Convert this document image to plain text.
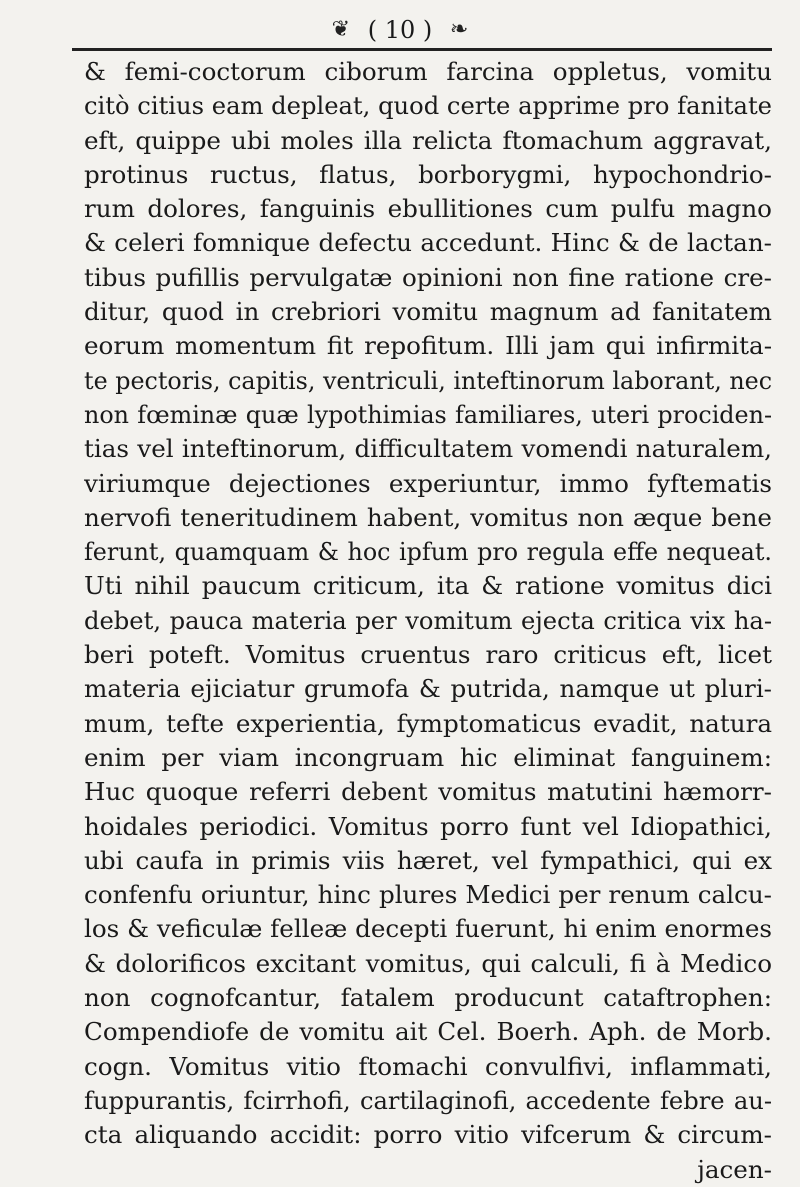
❦ ( 10 ) ❧
& femi-coctorum ciborum farcina oppletus, vomitu
citò citius eam depleat, quod certe apprime pro fanitate
eft, quippe ubi moles illa relicta ftomachum aggravat,
protinus ructus, flatus, borborygmi, hypochondrio-
rum dolores, fanguinis ebullitiones cum pulfu magno
& celeri fomnique defectu accedunt. Hinc & de lactan-
tibus pufillis pervulgatæ opinioni non fine ratione cre-
ditur, quod in crebriori vomitu magnum ad fanitatem
eorum momentum fit repofitum. Illi jam qui infirmita-
te pectoris, capitis, ventriculi, inteftinorum laborant, nec
non fœminæ quæ lypothimias familiares, uteri prociden-
tias vel inteftinorum, difficultatem vomendi naturalem,
viriumque dejectiones experiuntur, immo fyftematis
nervofi teneritudinem habent, vomitus non æque bene
ferunt, quamquam & hoc ipfum pro regula effe nequeat.
Uti nihil paucum criticum, ita & ratione vomitus dici
debet, pauca materia per vomitum ejecta critica vix ha-
beri poteft. Vomitus cruentus raro criticus eft, licet
materia ejiciatur grumofa & putrida, namque ut pluri-
mum, tefte experientia, fymptomaticus evadit, natura
enim per viam incongruam hic eliminat fanguinem:
Huc quoque referri debent vomitus matutini hæmorr-
hoidales periodici. Vomitus porro funt vel Idiopathici,
ubi caufa in primis viis hæret, vel fympathici, qui ex
confenfu oriuntur, hinc plures Medici per renum calcu-
los & veficulæ felleæ decepti fuerunt, hi enim enormes
& dolorificos excitant vomitus, qui calculi, fi à Medico
non cognofcantur, fatalem producunt cataftrophen:
Compendiofe de vomitu ait Cel. Boerh. Aph. de Morb.
cogn. Vomitus vitio ftomachi convulfivi, inflammati,
fuppurantis, fcirrhofi, cartilaginofi, accedente febre au-
cta aliquando accidit: porro vitio vifcerum & circum-
jacen-
